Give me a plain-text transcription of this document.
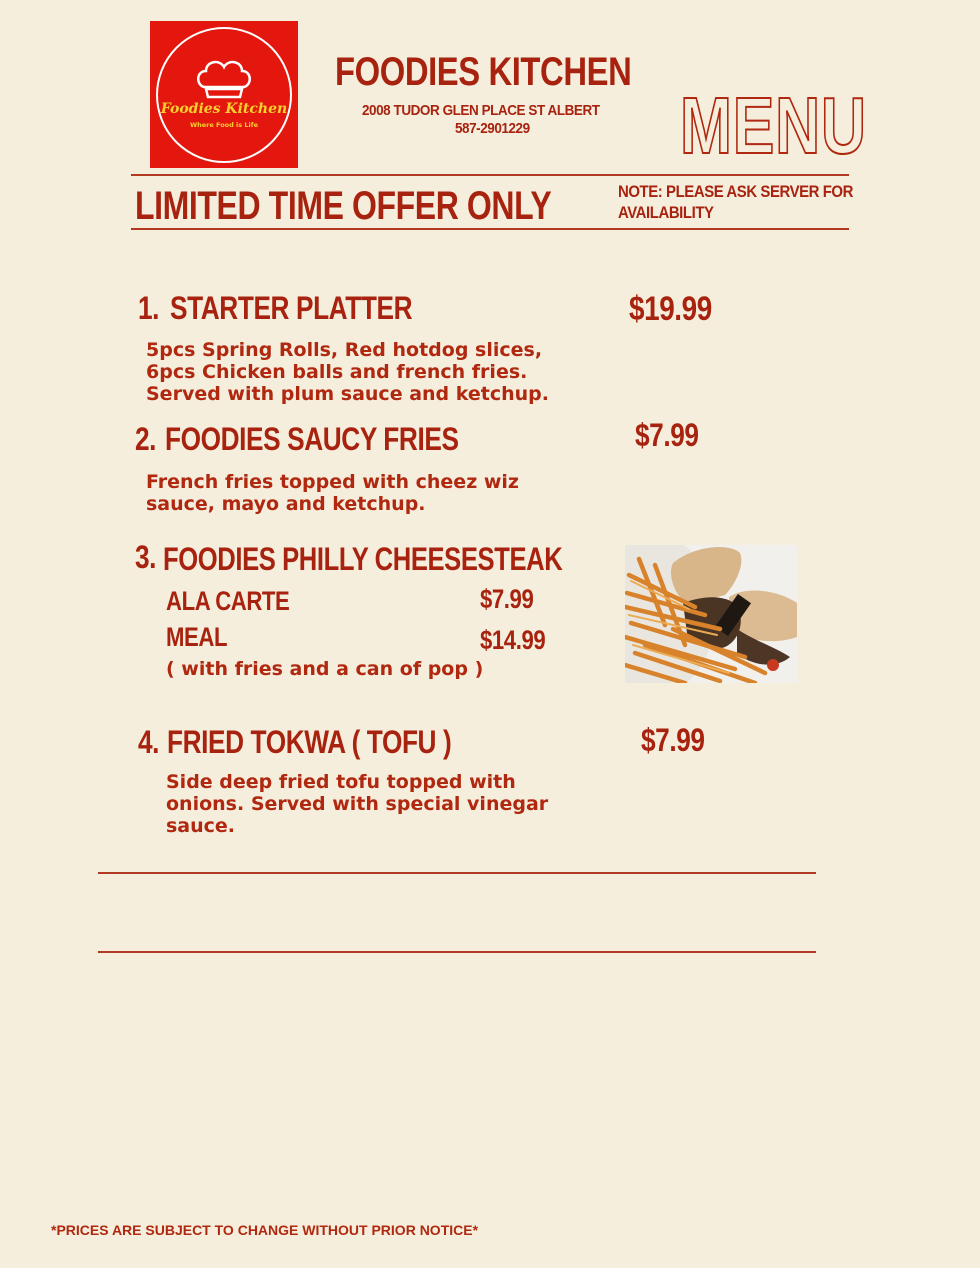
Foodies Kitchen
Where Food is Life
FOODIES KITCHEN
2008 TUDOR GLEN PLACE ST ALBERT
587-2901229 MENU
LIMITED TIME OFFER ONLY	NOTE: PLEASE ASK SERVER FOR AVAILABILITY
1. STARTER PLATTER	$19.99
5pcs Spring Rolls, Red hotdog slices,
6pcs Chicken balls and french fries.
Served with plum sauce and ketchup.
2. FOODIES SAUCY FRIES	$7.99
French fries topped with cheez wiz
sauce, mayo and ketchup.
3. FOODIES PHILLY CHEESESTEAK
ALA CARTE	$7.99
MEAL	$14.99
( with fries and a can of pop )
4. FRIED TOKWA ( TOFU )	$7.99
Side deep fried tofu topped with
onions. Served with special vinegar
sauce.
*PRICES ARE SUBJECT TO CHANGE WITHOUT PRIOR NOTICE*
